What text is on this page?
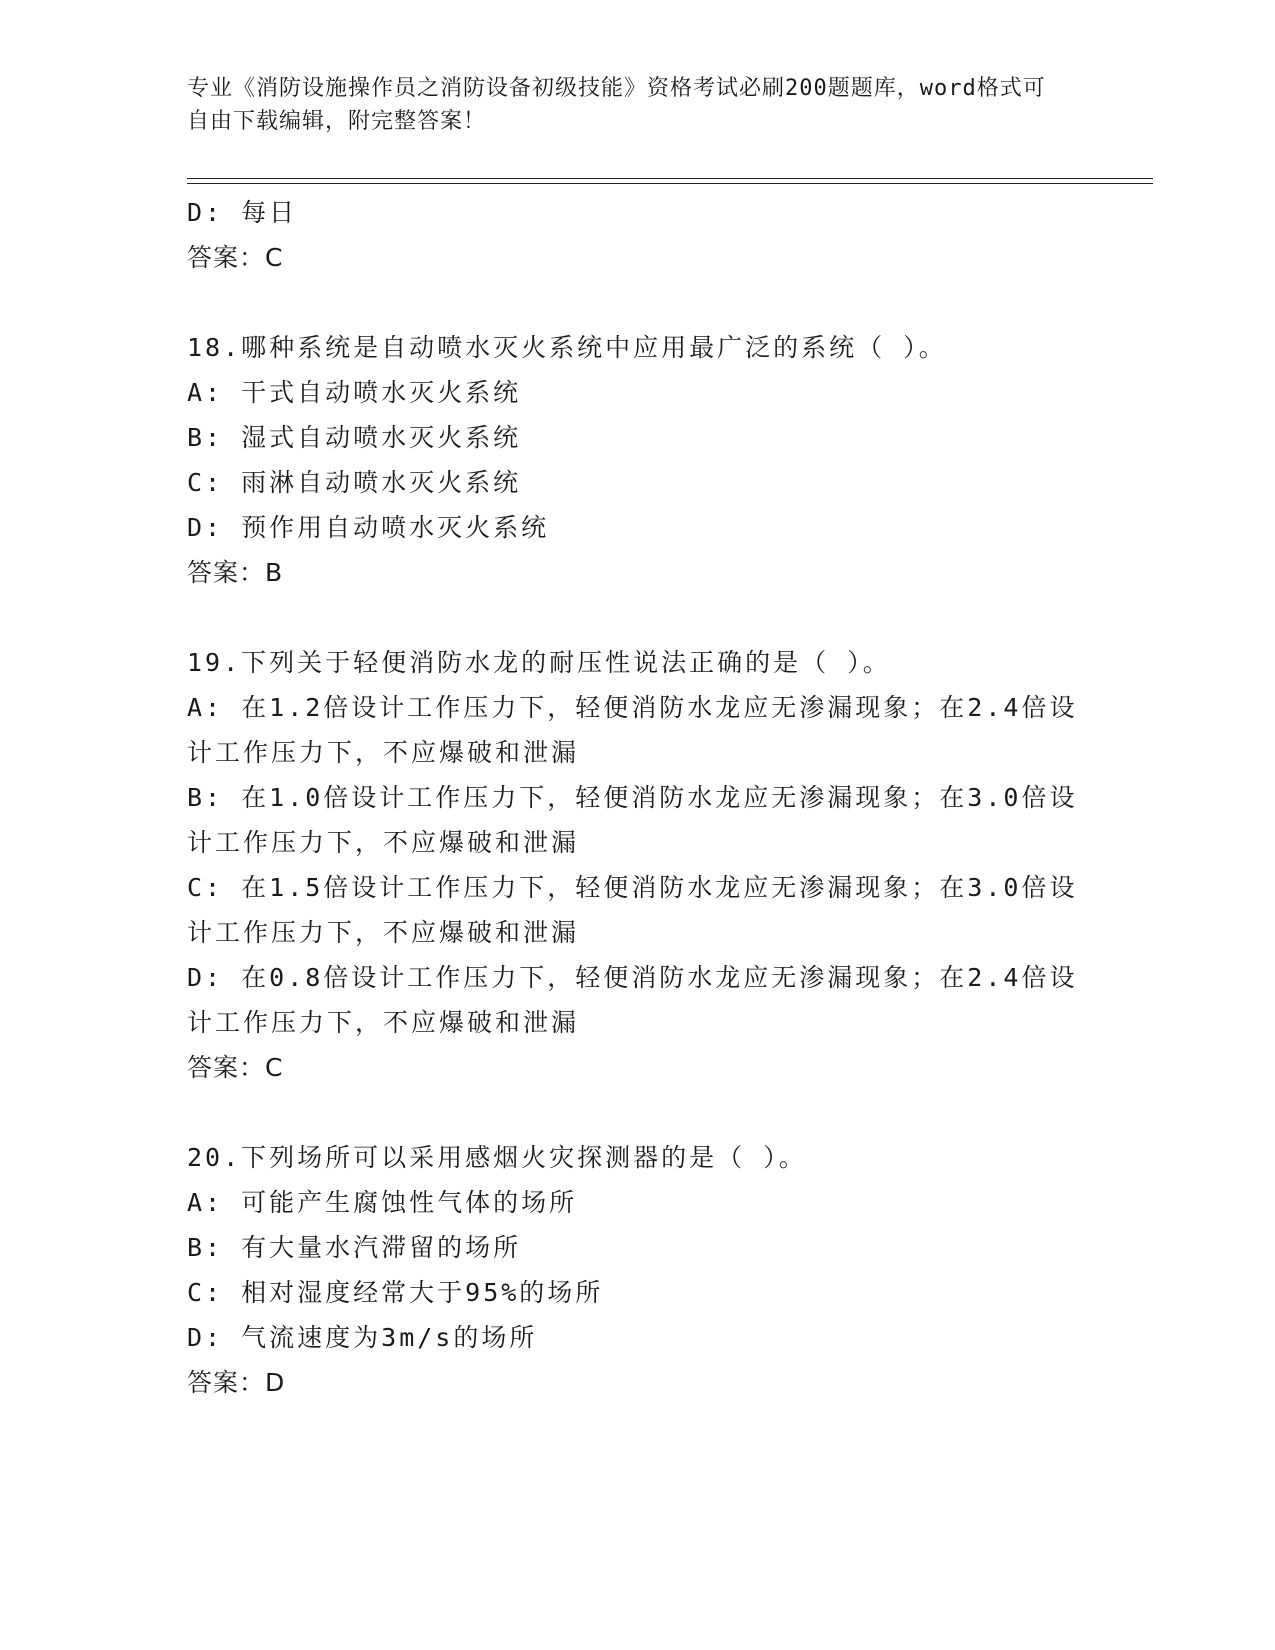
专业《消防设施操作员之消防设备初级技能》资格考试必刷200题题库，word格式可自由下载编辑，附完整答案！
D: 每日
答案：C
18.哪种系统是自动喷水灭火系统中应用最广泛的系统（ ）。
A: 干式自动喷水灭火系统
B: 湿式自动喷水灭火系统
C: 雨淋自动喷水灭火系统
D: 预作用自动喷水灭火系统
答案：B
19.下列关于轻便消防水龙的耐压性说法正确的是（ ）。
A: 在1.2倍设计工作压力下，轻便消防水龙应无渗漏现象；在2.4倍设计工作压力下，不应爆破和泄漏
B: 在1.0倍设计工作压力下，轻便消防水龙应无渗漏现象；在3.0倍设计工作压力下，不应爆破和泄漏
C: 在1.5倍设计工作压力下，轻便消防水龙应无渗漏现象；在3.0倍设计工作压力下，不应爆破和泄漏
D: 在0.8倍设计工作压力下，轻便消防水龙应无渗漏现象；在2.4倍设计工作压力下，不应爆破和泄漏
答案：C
20.下列场所可以采用感烟火灾探测器的是（ ）。
A: 可能产生腐蚀性气体的场所
B: 有大量水汽滞留的场所
C: 相对湿度经常大于95%的场所
D: 气流速度为3m/s的场所
答案：D
